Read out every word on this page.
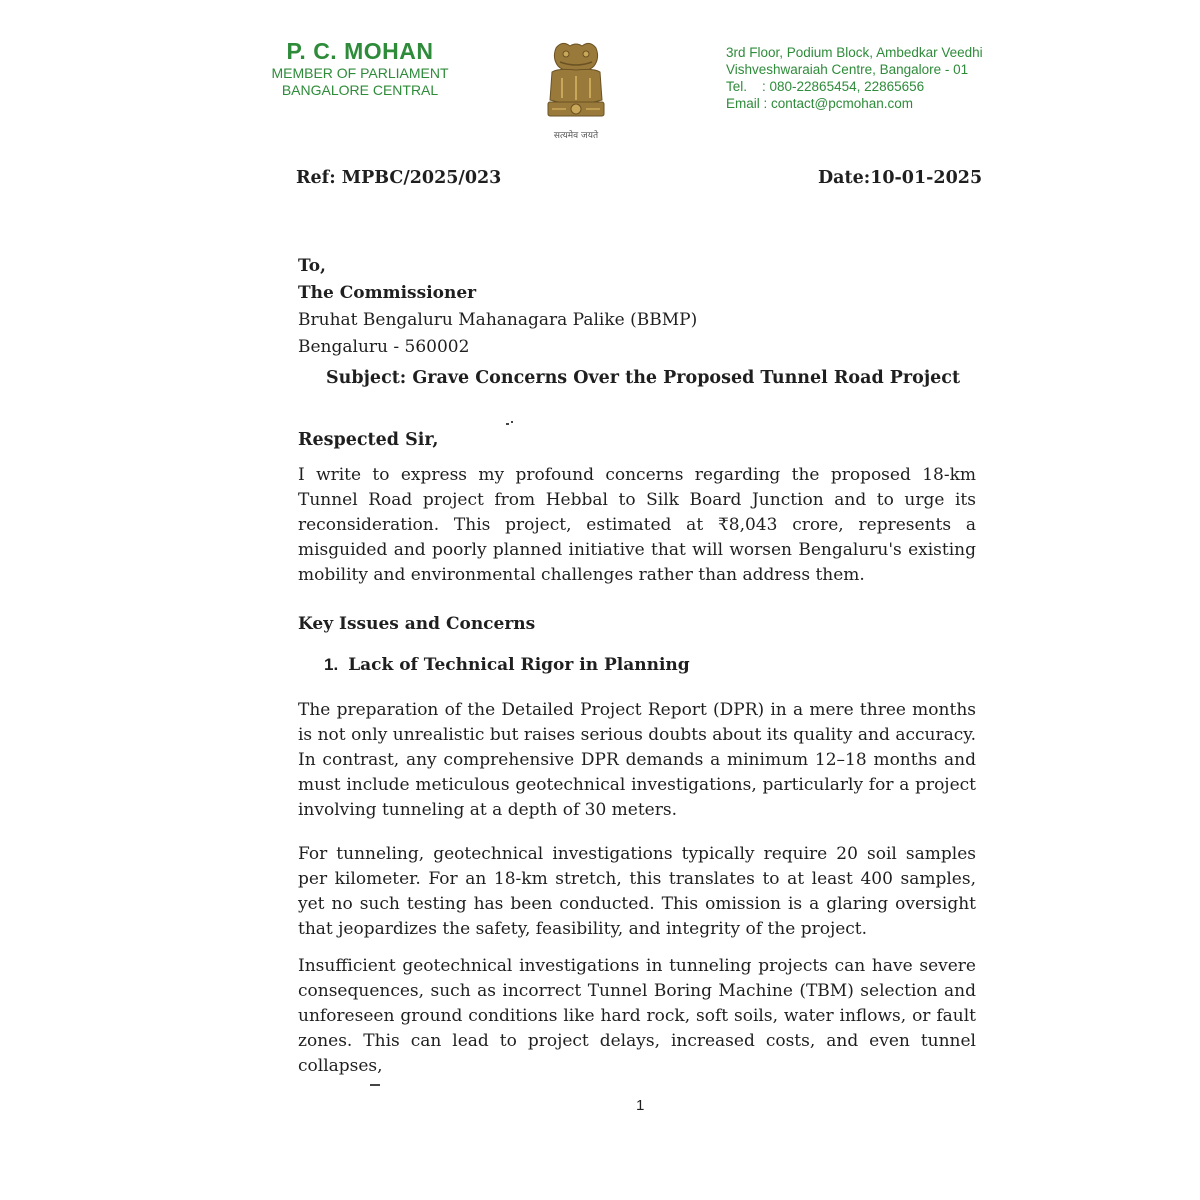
P. C. MOHAN
MEMBER OF PARLIAMENT
BANGALORE CENTRAL
सत्यमेव जयते
3rd Floor, Podium Block, Ambedkar Veedhi
Vishveshwaraiah Centre, Bangalore - 01
Tel.    : 080-22865454, 22865656
Email : contact@pcmohan.com
Ref: MPBC/2025/023	Date:10-01-2025
To,
The Commissioner
Bruhat Bengaluru Mahanagara Palike (BBMP)
Bengaluru - 560002
Subject: Grave Concerns Over the Proposed Tunnel Road Project
Respected Sir,
I write to express my profound concerns regarding the proposed 18-km Tunnel Road project from Hebbal to Silk Board Junction and to urge its reconsideration. This project, estimated at ₹8,043 crore, represents a misguided and poorly planned initiative that will worsen Bengaluru's existing mobility and environmental challenges rather than address them.
Key Issues and Concerns
1. Lack of Technical Rigor in Planning
The preparation of the Detailed Project Report (DPR) in a mere three months is not only unrealistic but raises serious doubts about its quality and accuracy. In contrast, any comprehensive DPR demands a minimum 12–18 months and must include meticulous geotechnical investigations, particularly for a project involving tunneling at a depth of 30 meters.
For tunneling, geotechnical investigations typically require 20 soil samples per kilometer. For an 18-km stretch, this translates to at least 400 samples, yet no such testing has been conducted. This omission is a glaring oversight that jeopardizes the safety, feasibility, and integrity of the project.
Insufficient geotechnical investigations in tunneling projects can have severe consequences, such as incorrect Tunnel Boring Machine (TBM) selection and unforeseen ground conditions like hard rock, soft soils, water inflows, or fault zones. This can lead to project delays, increased costs, and even tunnel collapses,
1
